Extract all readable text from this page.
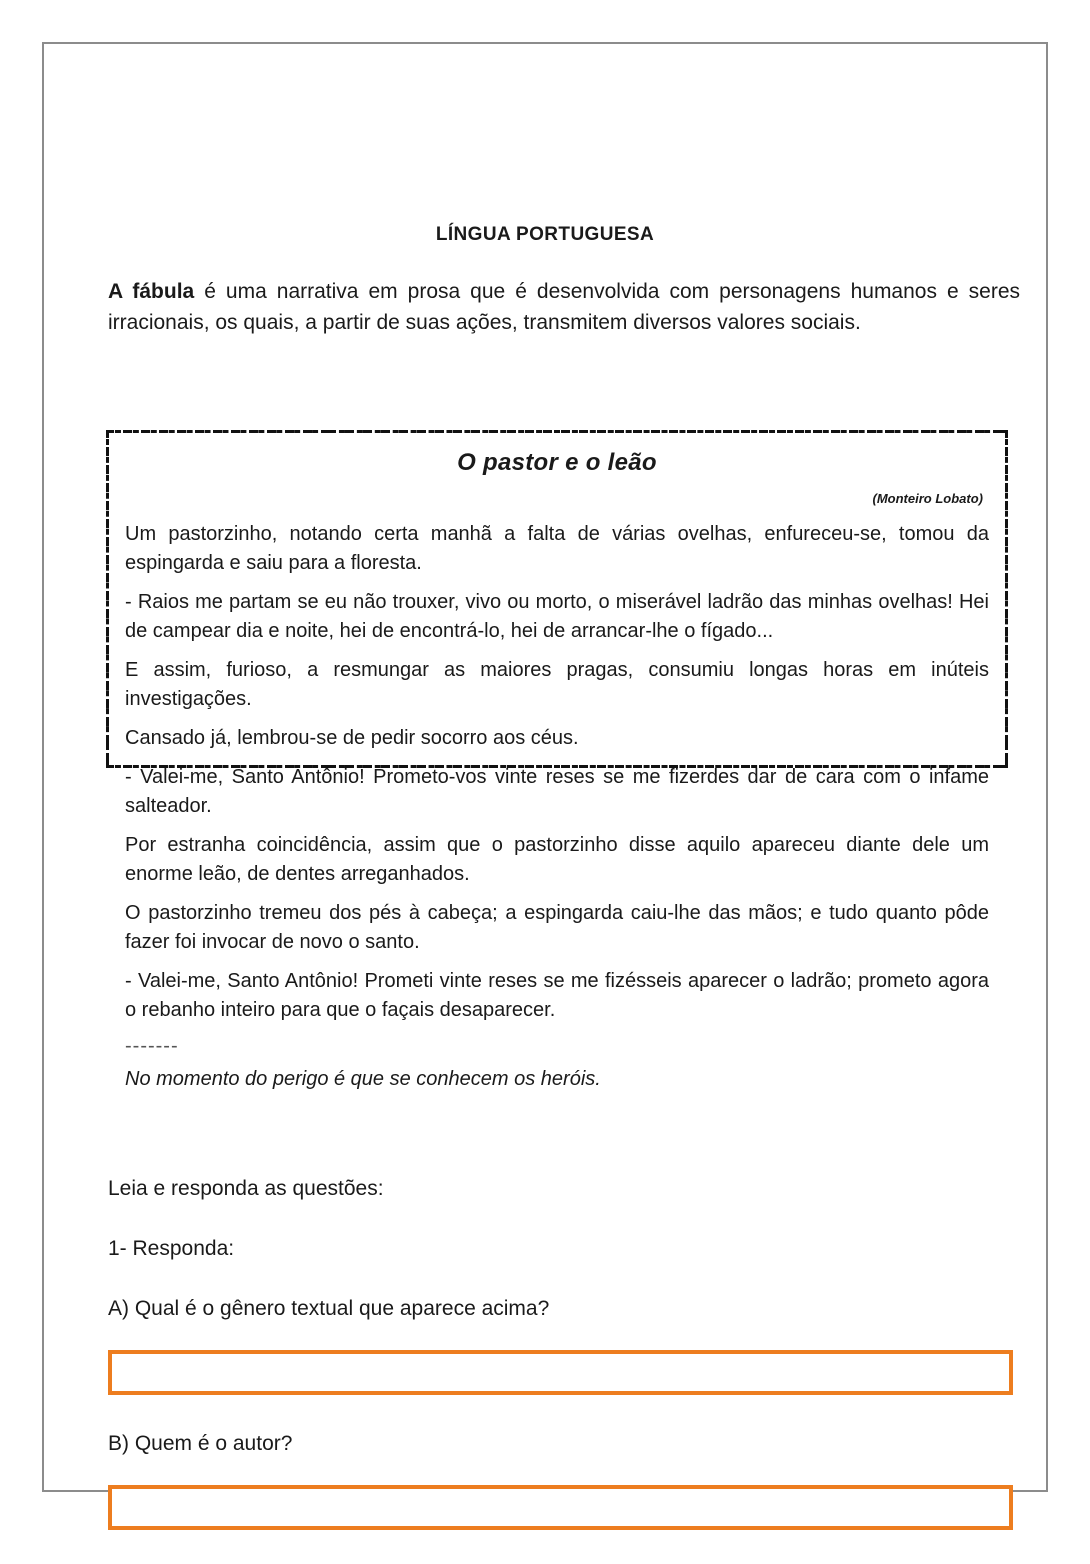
LÍNGUA PORTUGUESA
A fábula é uma narrativa em prosa que é desenvolvida com personagens humanos e seres irracionais, os quais, a partir de suas ações, transmitem diversos valores sociais.
O pastor e o leão
(Monteiro Lobato)

Um pastorzinho, notando certa manhã a falta de várias ovelhas, enfureceu-se, tomou da espingarda e saiu para a floresta.

- Raios me partam se eu não trouxer, vivo ou morto, o miserável ladrão das minhas ovelhas! Hei de campear dia e noite, hei de encontrá-lo, hei de arrancar-lhe o fígado...

E assim, furioso, a resmungar as maiores pragas, consumiu longas horas em inúteis investigações.

Cansado já, lembrou-se de pedir socorro aos céus.

- Valei-me, Santo Antônio! Prometo-vos vinte reses se me fizerdes dar de cara com o infame salteador.

Por estranha coincidência, assim que o pastorzinho disse aquilo apareceu diante dele um enorme leão, de dentes arreganhados.

O pastorzinho tremeu dos pés à cabeça; a espingarda caiu-lhe das mãos; e tudo quanto pôde fazer foi invocar de novo o santo.

- Valei-me, Santo Antônio! Prometi vinte reses se me fizésseis aparecer o ladrão; prometo agora o rebanho inteiro para que o façais desaparecer.

-------

No momento do perigo é que se conhecem os heróis.

Leia e responda as questões:

1- Responda:

A) Qual é o gênero textual que aparece acima?

B) Quem é o autor?
